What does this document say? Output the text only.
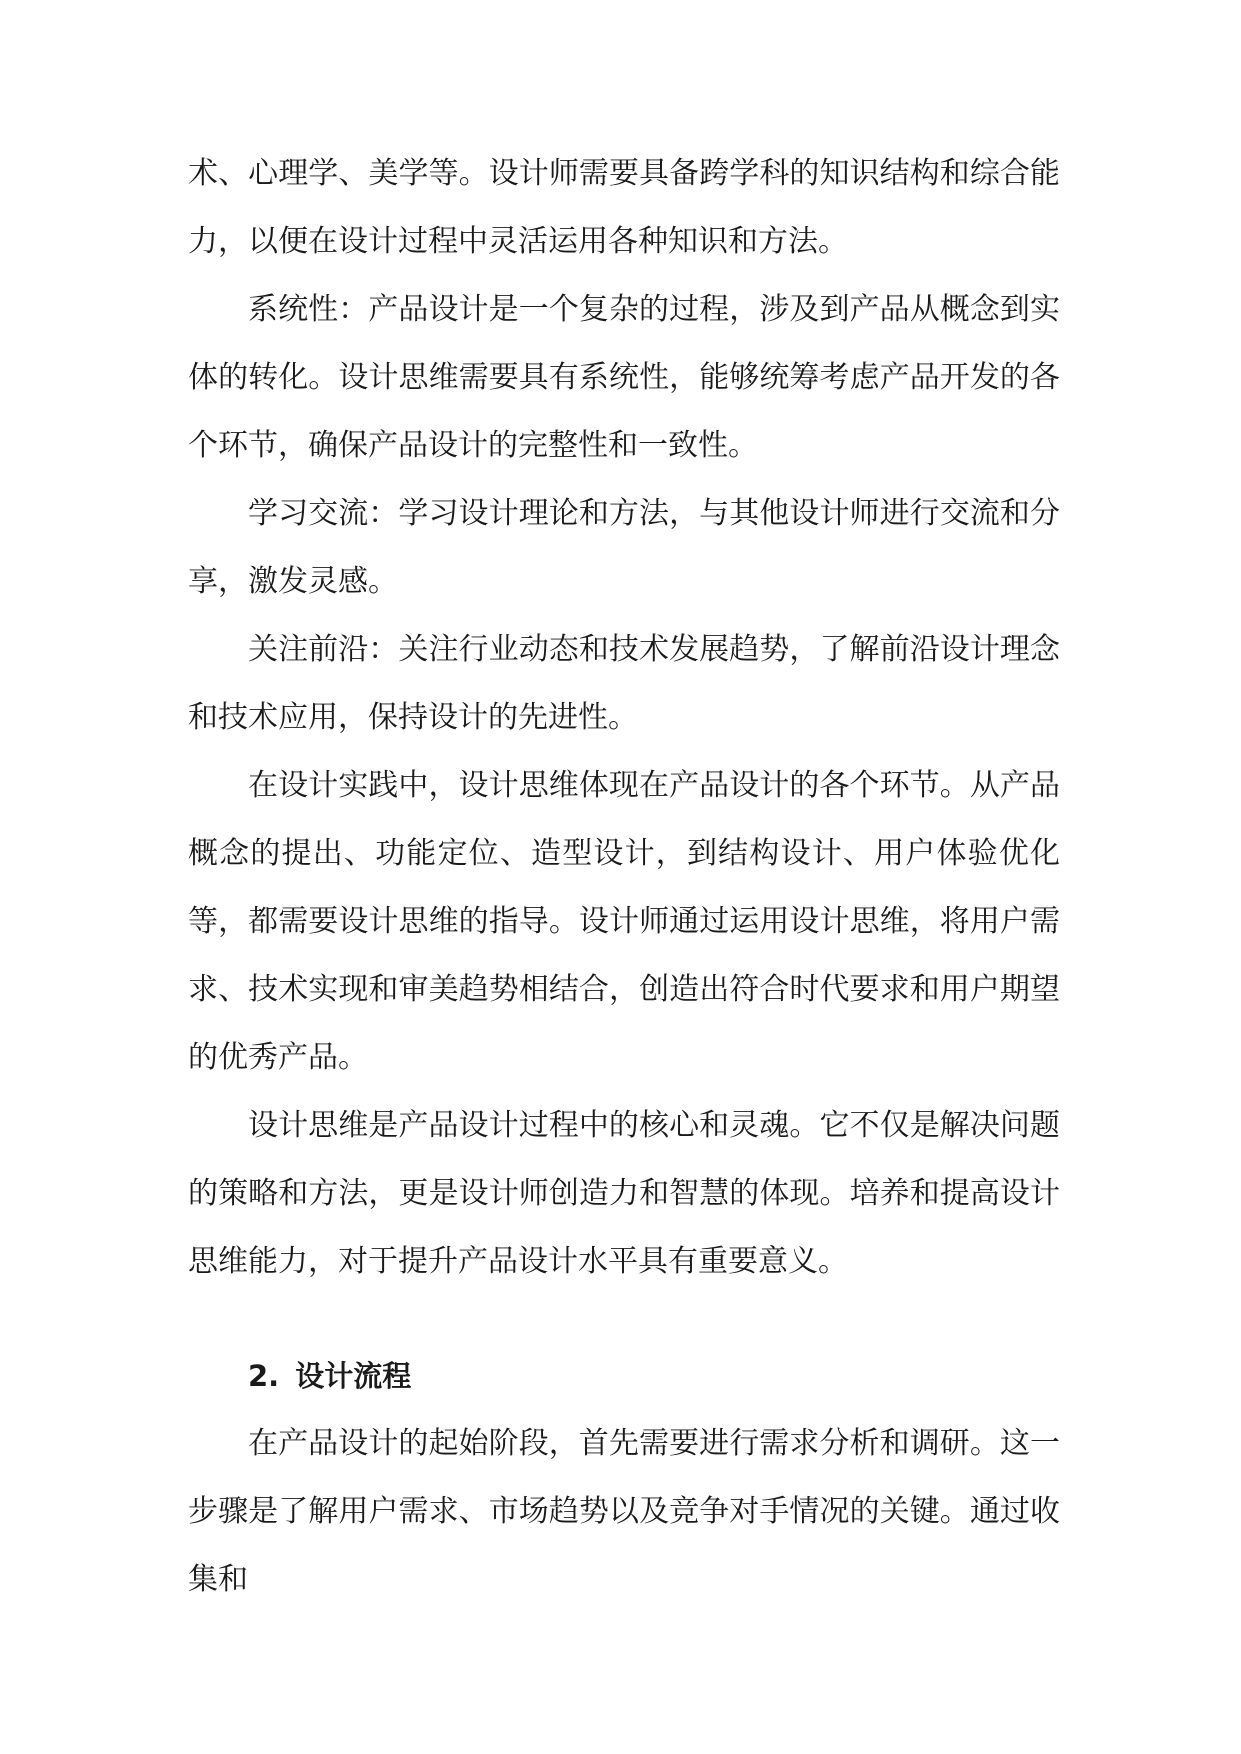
术、心理学、美学等。设计师需要具备跨学科的知识结构和综合能力，以便在设计过程中灵活运用各种知识和方法。

系统性：产品设计是一个复杂的过程，涉及到产品从概念到实体的转化。设计思维需要具有系统性，能够统筹考虑产品开发的各个环节，确保产品设计的完整性和一致性。

学习交流：学习设计理论和方法，与其他设计师进行交流和分享，激发灵感。

关注前沿：关注行业动态和技术发展趋势，了解前沿设计理念和技术应用，保持设计的先进性。

在设计实践中，设计思维体现在产品设计的各个环节。从产品概念的提出、功能定位、造型设计，到结构设计、用户体验优化等，都需要设计思维的指导。设计师通过运用设计思维，将用户需求、技术实现和审美趋势相结合，创造出符合时代要求和用户期望的优秀产品。

设计思维是产品设计过程中的核心和灵魂。它不仅是解决问题的策略和方法，更是设计师创造力和智慧的体现。培养和提高设计思维能力，对于提升产品设计水平具有重要意义。

2. 设计流程

在产品设计的起始阶段，首先需要进行需求分析和调研。这一步骤是了解用户需求、市场趋势以及竞争对手情况的关键。通过收集和
